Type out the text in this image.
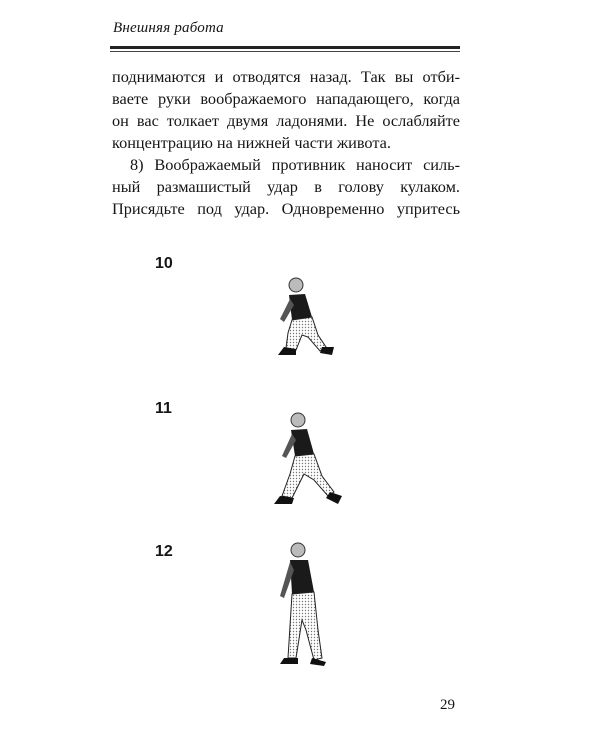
Внешняя работа

поднимаются и отводятся назад. Так вы отби-

ваете руки воображаемого нападающего, когда

он вас толкает двумя ладонями. Не ослабляйте

концентрацию на нижней части живота.

8) Воображаемый противник наносит силь-

ный размашистый удар в голову кулаком.

Присядьте под удар. Одновременно упритесь

10
11
12
29
